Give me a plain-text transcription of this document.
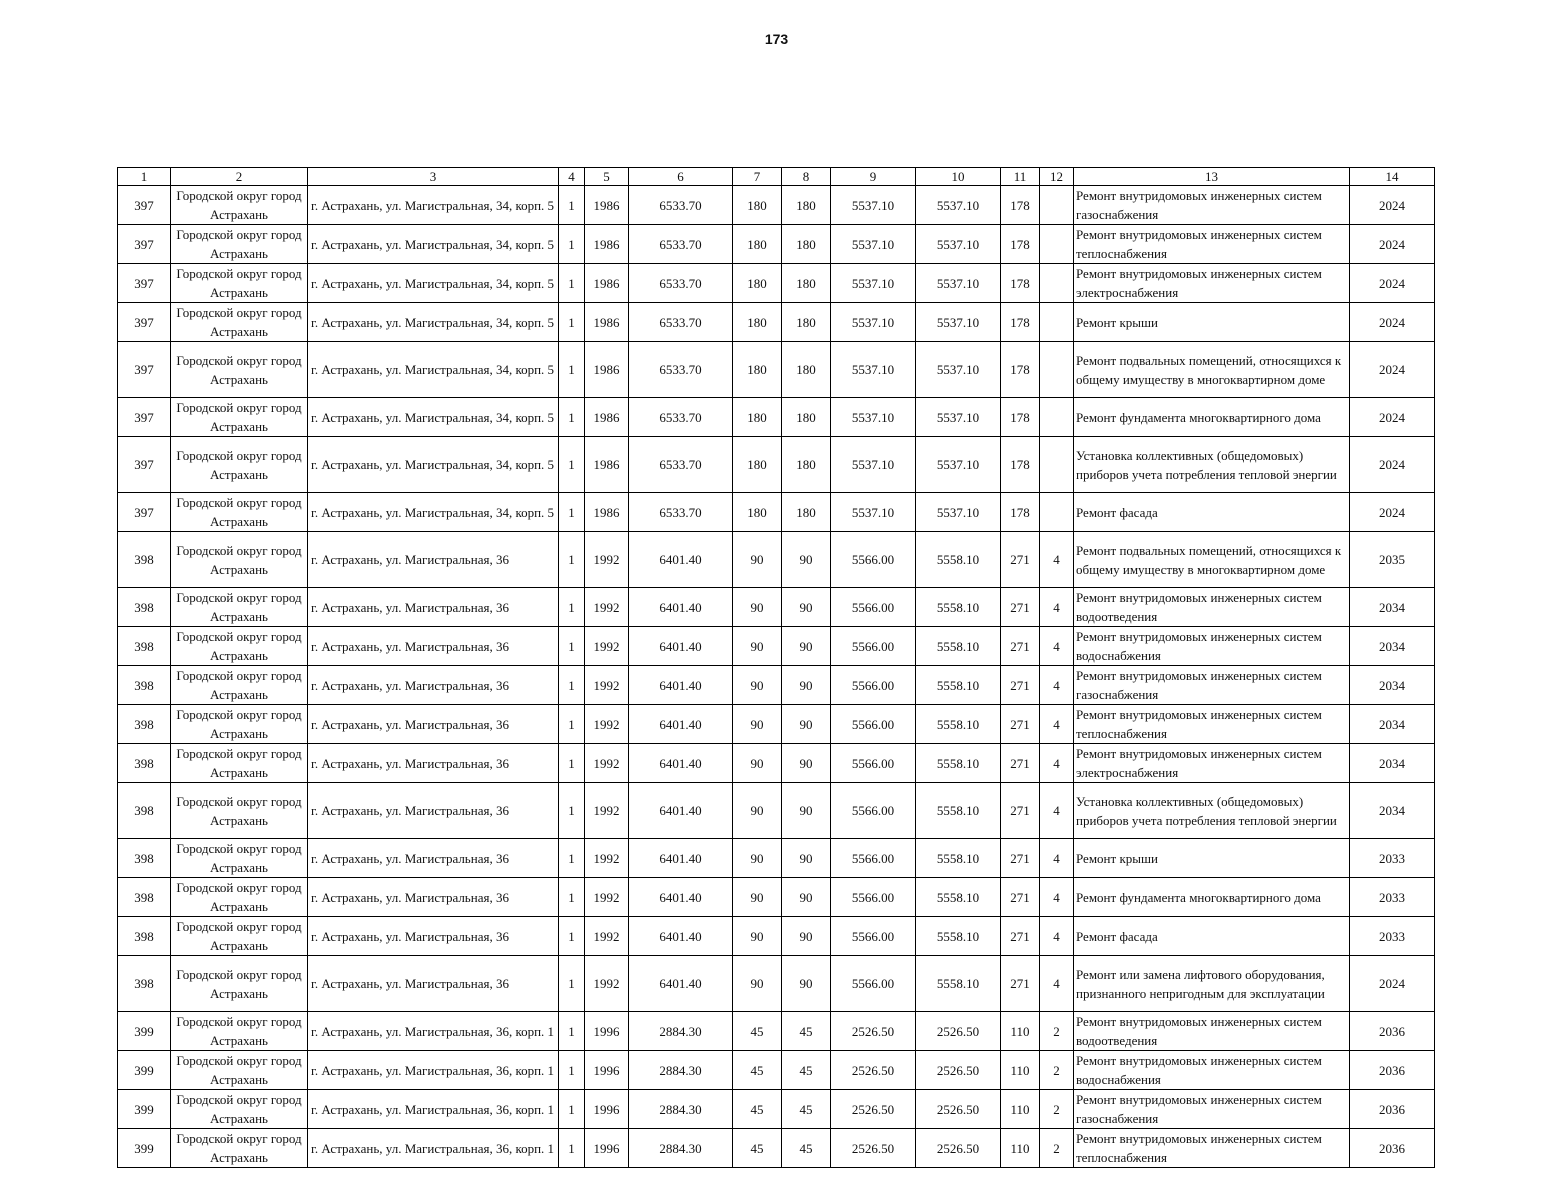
173
1	2	3	4	5	6	7	8	9	10	11	12	13	14
397	Городской округ город Астрахань	г. Астрахань, ул. Магистральная, 34, корп. 5	1	1986	6533.70	180	180	5537.10	5537.10	178		Ремонт внутридомовых инженерных систем газоснабжения	2024
397	Городской округ город Астрахань	г. Астрахань, ул. Магистральная, 34, корп. 5	1	1986	6533.70	180	180	5537.10	5537.10	178		Ремонт внутридомовых инженерных систем теплоснабжения	2024
397	Городской округ город Астрахань	г. Астрахань, ул. Магистральная, 34, корп. 5	1	1986	6533.70	180	180	5537.10	5537.10	178		Ремонт внутридомовых инженерных систем электроснабжения	2024
397	Городской округ город Астрахань	г. Астрахань, ул. Магистральная, 34, корп. 5	1	1986	6533.70	180	180	5537.10	5537.10	178		Ремонт крыши	2024
397	Городской округ город Астрахань	г. Астрахань, ул. Магистральная, 34, корп. 5	1	1986	6533.70	180	180	5537.10	5537.10	178		Ремонт подвальных помещений, относящихся к общему имуществу в многоквартирном доме	2024
397	Городской округ город Астрахань	г. Астрахань, ул. Магистральная, 34, корп. 5	1	1986	6533.70	180	180	5537.10	5537.10	178		Ремонт фундамента многоквартирного дома	2024
397	Городской округ город Астрахань	г. Астрахань, ул. Магистральная, 34, корп. 5	1	1986	6533.70	180	180	5537.10	5537.10	178		Установка коллективных (общедомовых) приборов учета потребления тепловой энергии	2024
397	Городской округ город Астрахань	г. Астрахань, ул. Магистральная, 34, корп. 5	1	1986	6533.70	180	180	5537.10	5537.10	178		Ремонт фасада	2024
398	Городской округ город Астрахань	г. Астрахань, ул. Магистральная, 36	1	1992	6401.40	90	90	5566.00	5558.10	271	4	Ремонт подвальных помещений, относящихся к общему имуществу в многоквартирном доме	2035
398	Городской округ город Астрахань	г. Астрахань, ул. Магистральная, 36	1	1992	6401.40	90	90	5566.00	5558.10	271	4	Ремонт внутридомовых инженерных систем водоотведения	2034
398	Городской округ город Астрахань	г. Астрахань, ул. Магистральная, 36	1	1992	6401.40	90	90	5566.00	5558.10	271	4	Ремонт внутридомовых инженерных систем водоснабжения	2034
398	Городской округ город Астрахань	г. Астрахань, ул. Магистральная, 36	1	1992	6401.40	90	90	5566.00	5558.10	271	4	Ремонт внутридомовых инженерных систем газоснабжения	2034
398	Городской округ город Астрахань	г. Астрахань, ул. Магистральная, 36	1	1992	6401.40	90	90	5566.00	5558.10	271	4	Ремонт внутридомовых инженерных систем теплоснабжения	2034
398	Городской округ город Астрахань	г. Астрахань, ул. Магистральная, 36	1	1992	6401.40	90	90	5566.00	5558.10	271	4	Ремонт внутридомовых инженерных систем электроснабжения	2034
398	Городской округ город Астрахань	г. Астрахань, ул. Магистральная, 36	1	1992	6401.40	90	90	5566.00	5558.10	271	4	Установка коллективных (общедомовых) приборов учета потребления тепловой энергии	2034
398	Городской округ город Астрахань	г. Астрахань, ул. Магистральная, 36	1	1992	6401.40	90	90	5566.00	5558.10	271	4	Ремонт крыши	2033
398	Городской округ город Астрахань	г. Астрахань, ул. Магистральная, 36	1	1992	6401.40	90	90	5566.00	5558.10	271	4	Ремонт фундамента многоквартирного дома	2033
398	Городской округ город Астрахань	г. Астрахань, ул. Магистральная, 36	1	1992	6401.40	90	90	5566.00	5558.10	271	4	Ремонт фасада	2033
398	Городской округ город Астрахань	г. Астрахань, ул. Магистральная, 36	1	1992	6401.40	90	90	5566.00	5558.10	271	4	Ремонт или замена лифтового оборудования, признанного непригодным для эксплуатации	2024
399	Городской округ город Астрахань	г. Астрахань, ул. Магистральная, 36, корп. 1	1	1996	2884.30	45	45	2526.50	2526.50	110	2	Ремонт внутридомовых инженерных систем водоотведения	2036
399	Городской округ город Астрахань	г. Астрахань, ул. Магистральная, 36, корп. 1	1	1996	2884.30	45	45	2526.50	2526.50	110	2	Ремонт внутридомовых инженерных систем водоснабжения	2036
399	Городской округ город Астрахань	г. Астрахань, ул. Магистральная, 36, корп. 1	1	1996	2884.30	45	45	2526.50	2526.50	110	2	Ремонт внутридомовых инженерных систем газоснабжения	2036
399	Городской округ город Астрахань	г. Астрахань, ул. Магистральная, 36, корп. 1	1	1996	2884.30	45	45	2526.50	2526.50	110	2	Ремонт внутридомовых инженерных систем теплоснабжения	2036
